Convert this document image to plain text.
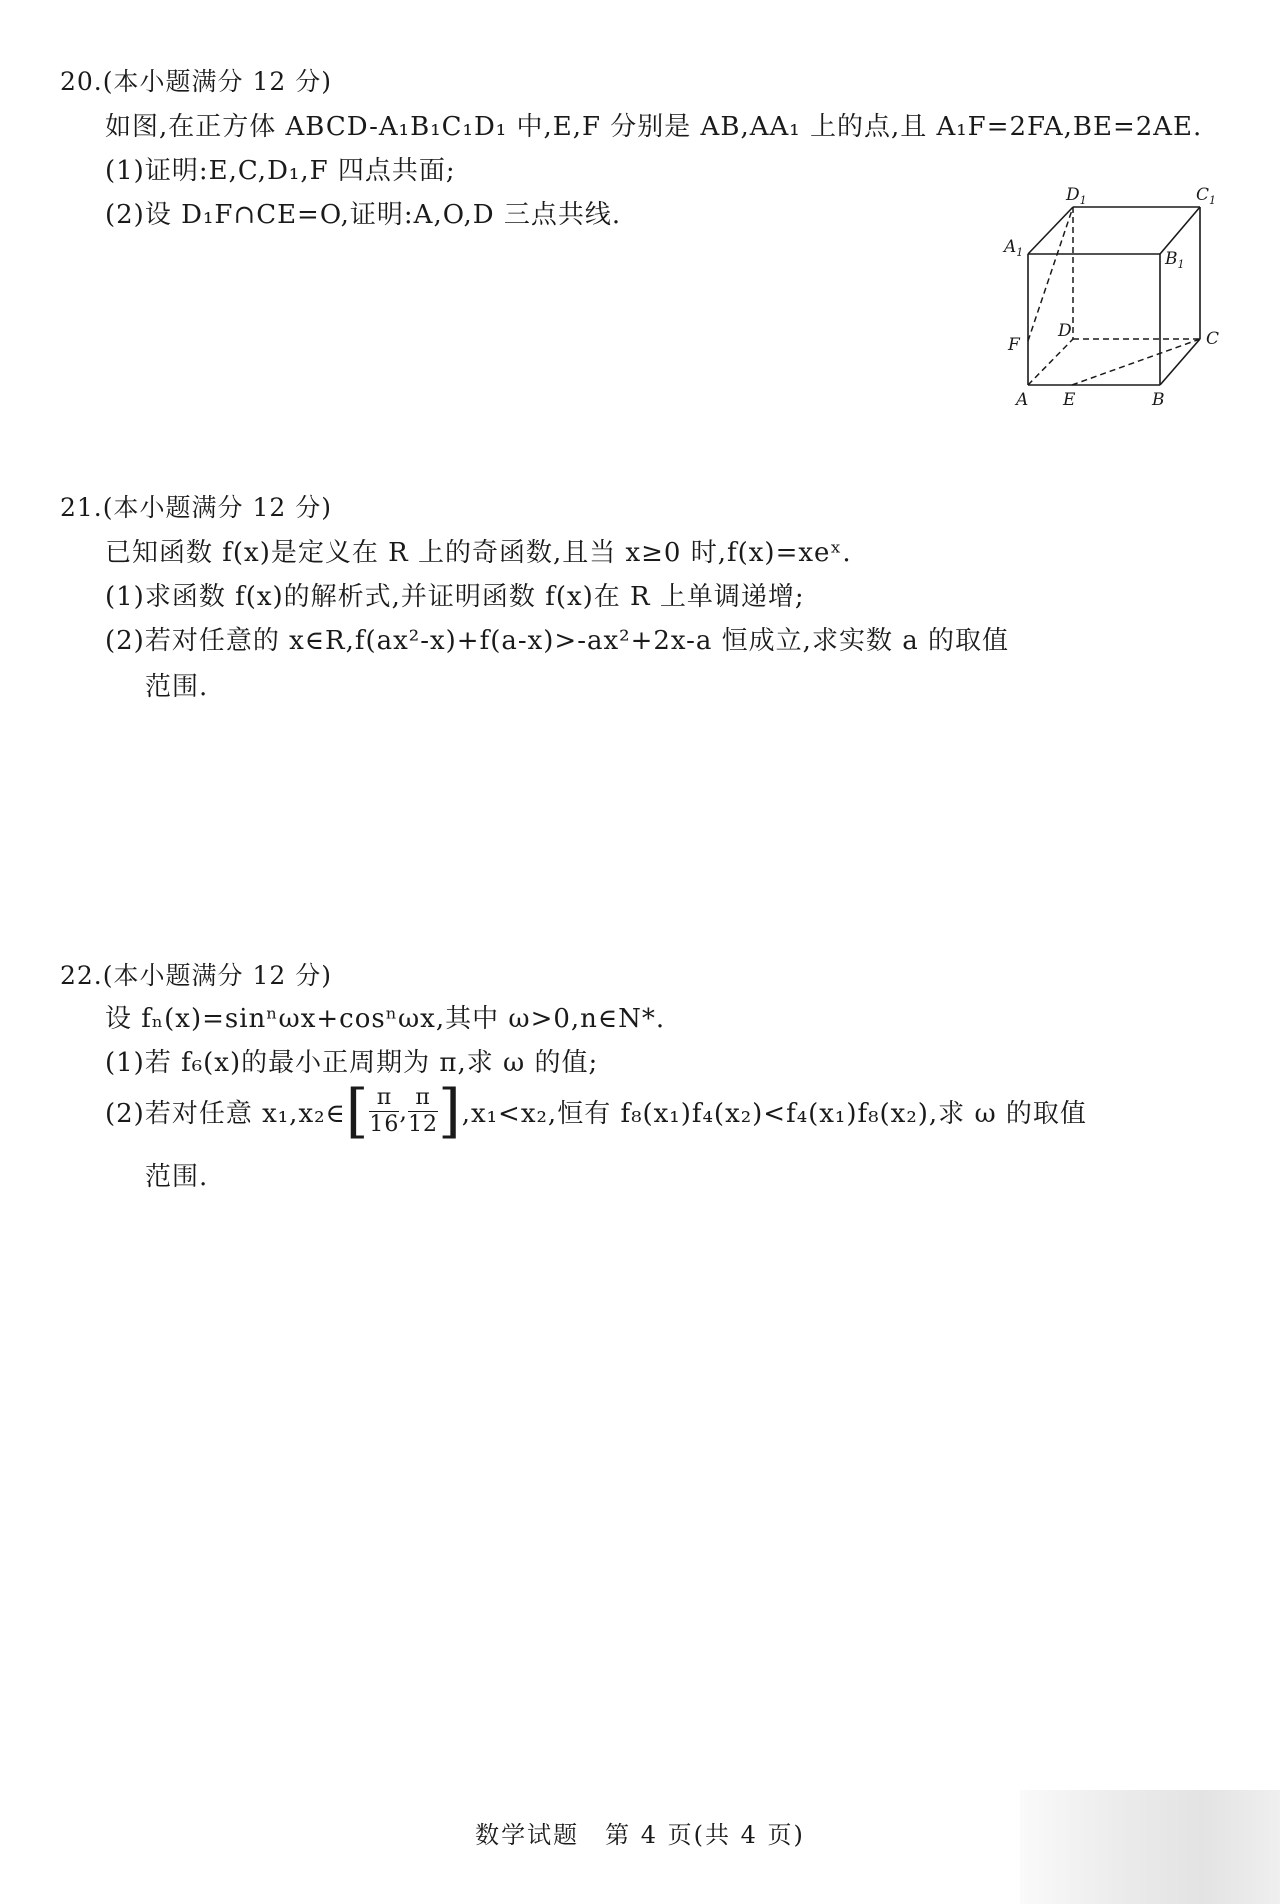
20.(本小题满分 12 分)
如图,在正方体 ABCD-A₁B₁C₁D₁ 中,E,F 分别是 AB,AA₁ 上的点,且 A₁F=2FA,BE=2AE.
(1)证明:E,C,D₁,F 四点共面;
(2)设 D₁F∩CE=O,证明:A,O,D 三点共线.
$D_1$	$C_1$
$A_1$	$B_1$
D	C
F
A E	B
21.(本小题满分 12 分)
已知函数 f(x)是定义在 R 上的奇函数,且当 x≥0 时,f(x)=xeˣ.
(1)求函数 f(x)的解析式,并证明函数 f(x)在 R 上单调递增;
(2)若对任意的 x∈R,f(ax²-x)+f(a-x)>-ax²+2x-a 恒成立,求实数 a 的取值
范围.
22.(本小题满分 12 分)
设 fₙ(x)=sinⁿωx+cosⁿωx,其中 ω>0,n∈N*.
(1)若 f₆(x)的最小正周期为 π,求 ω 的值;
(2)若对任意 x₁,x₂∈ [ $\frac{\pi}{16}$ , $\frac{\pi}{12}$ ] ,x₁<x₂,恒有 f₈(x₁)f₄(x₂)<f₄(x₁)f₈(x₂),求 ω 的取值
范围.
数学试题　第 4 页(共 4 页)
